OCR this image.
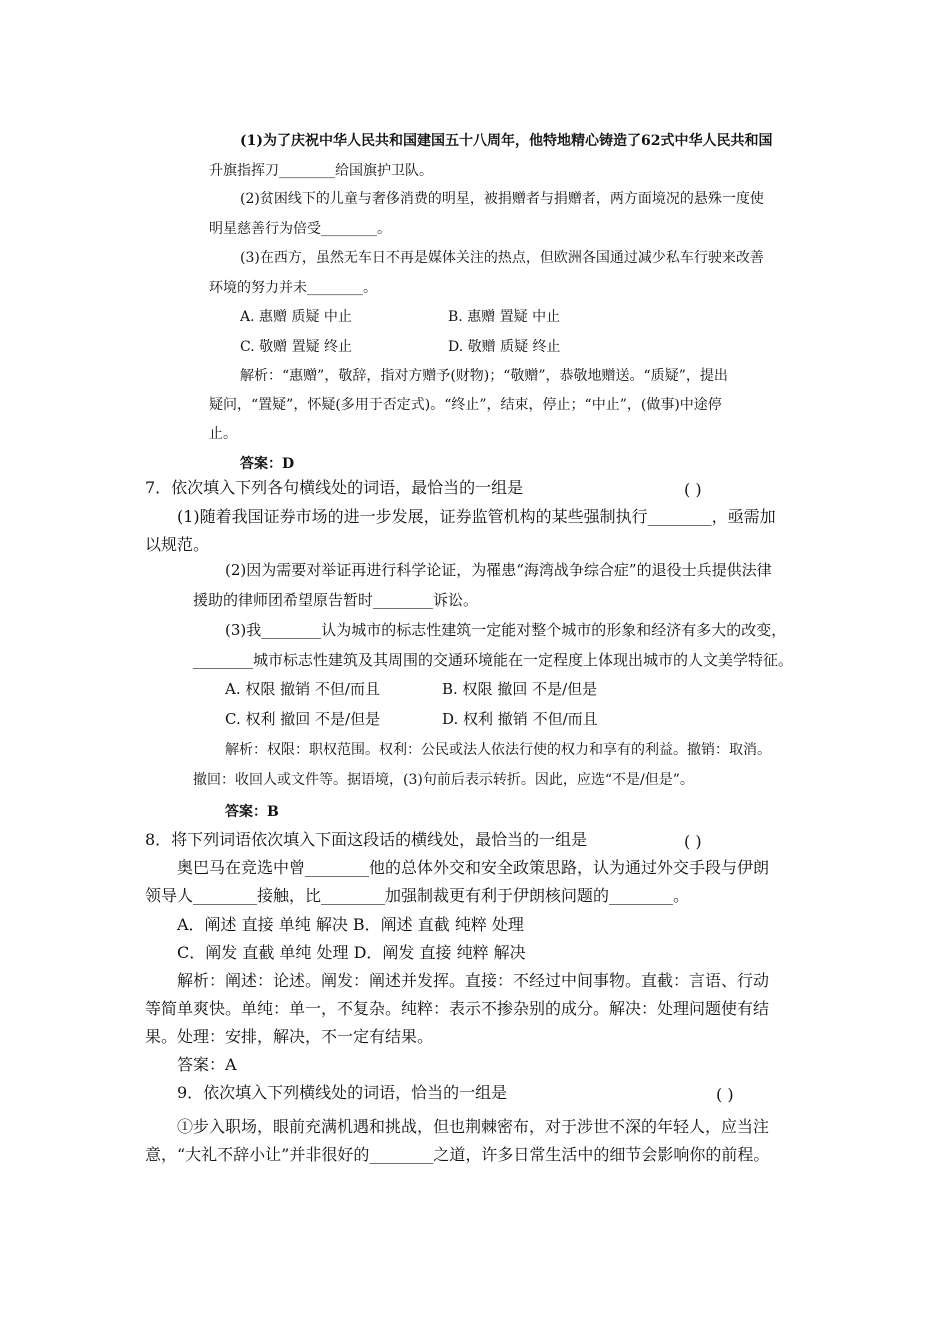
(1)为了庆祝中华人民共和国建国五十八周年，他特地精心铸造了62式中华人民共和国
升旗指挥刀________给国旗护卫队。
(2)贫困线下的儿童与奢侈消费的明星，被捐赠者与捐赠者，两方面境况的悬殊一度使
明星慈善行为倍受________。
(3)在西方，虽然无车日不再是媒体关注的热点，但欧洲各国通过减少私车行驶来改善
环境的努力并未________。
A. 惠赠 质疑 中止	B. 惠赠 置疑 中止
C. 敬赠 置疑 终止	D. 敬赠 质疑 终止
解析：“惠赠”，敬辞，指对方赠予(财物)；“敬赠”，恭敬地赠送。“质疑”，提出
疑问，“置疑”，怀疑(多用于否定式)。“终止”，结束，停止；“中止”，(做事)中途停
止。
答案：D
7．依次填入下列各句横线处的词语，最恰当的一组是	( )
(1)随着我国证券市场的进一步发展，证券监管机构的某些强制执行________，亟需加
以规范。
(2)因为需要对举证再进行科学论证，为罹患“海湾战争综合症”的退役士兵提供法律
援助的律师团希望原告暂时________诉讼。
(3)我________认为城市的标志性建筑一定能对整个城市的形象和经济有多大的改变，
________城市标志性建筑及其周围的交通环境能在一定程度上体现出城市的人文美学特征。
A. 权限 撤销 不但/而且	B. 权限 撤回 不是/但是
C. 权利 撤回 不是/但是	D. 权利 撤销 不但/而且
解析：权限：职权范围。权利：公民或法人依法行使的权力和享有的利益。撤销：取消。
撤回：收回人或文件等。据语境，(3)句前后表示转折。因此，应选“不是/但是”。
答案：B
8．将下列词语依次填入下面这段话的横线处，最恰当的一组是	( )
奥巴马在竞选中曾________他的总体外交和安全政策思路，认为通过外交手段与伊朗
领导人________接触，比________加强制裁更有利于伊朗核问题的________。
A．阐述 直接 单纯 解决 B．阐述 直截 纯粹 处理
C．阐发 直截 单纯 处理 D．阐发 直接 纯粹 解决
解析：阐述：论述。阐发：阐述并发挥。直接：不经过中间事物。直截：言语、行动
等简单爽快。单纯：单一，不复杂。纯粹：表示不掺杂别的成分。解决：处理问题使有结
果。处理：安排，解决，不一定有结果。
答案：A
9．依次填入下列横线处的词语，恰当的一组是	( )
①步入职场，眼前充满机遇和挑战，但也荆棘密布，对于涉世不深的年轻人，应当注
意，“大礼不辞小让”并非很好的________之道，许多日常生活中的细节会影响你的前程。
